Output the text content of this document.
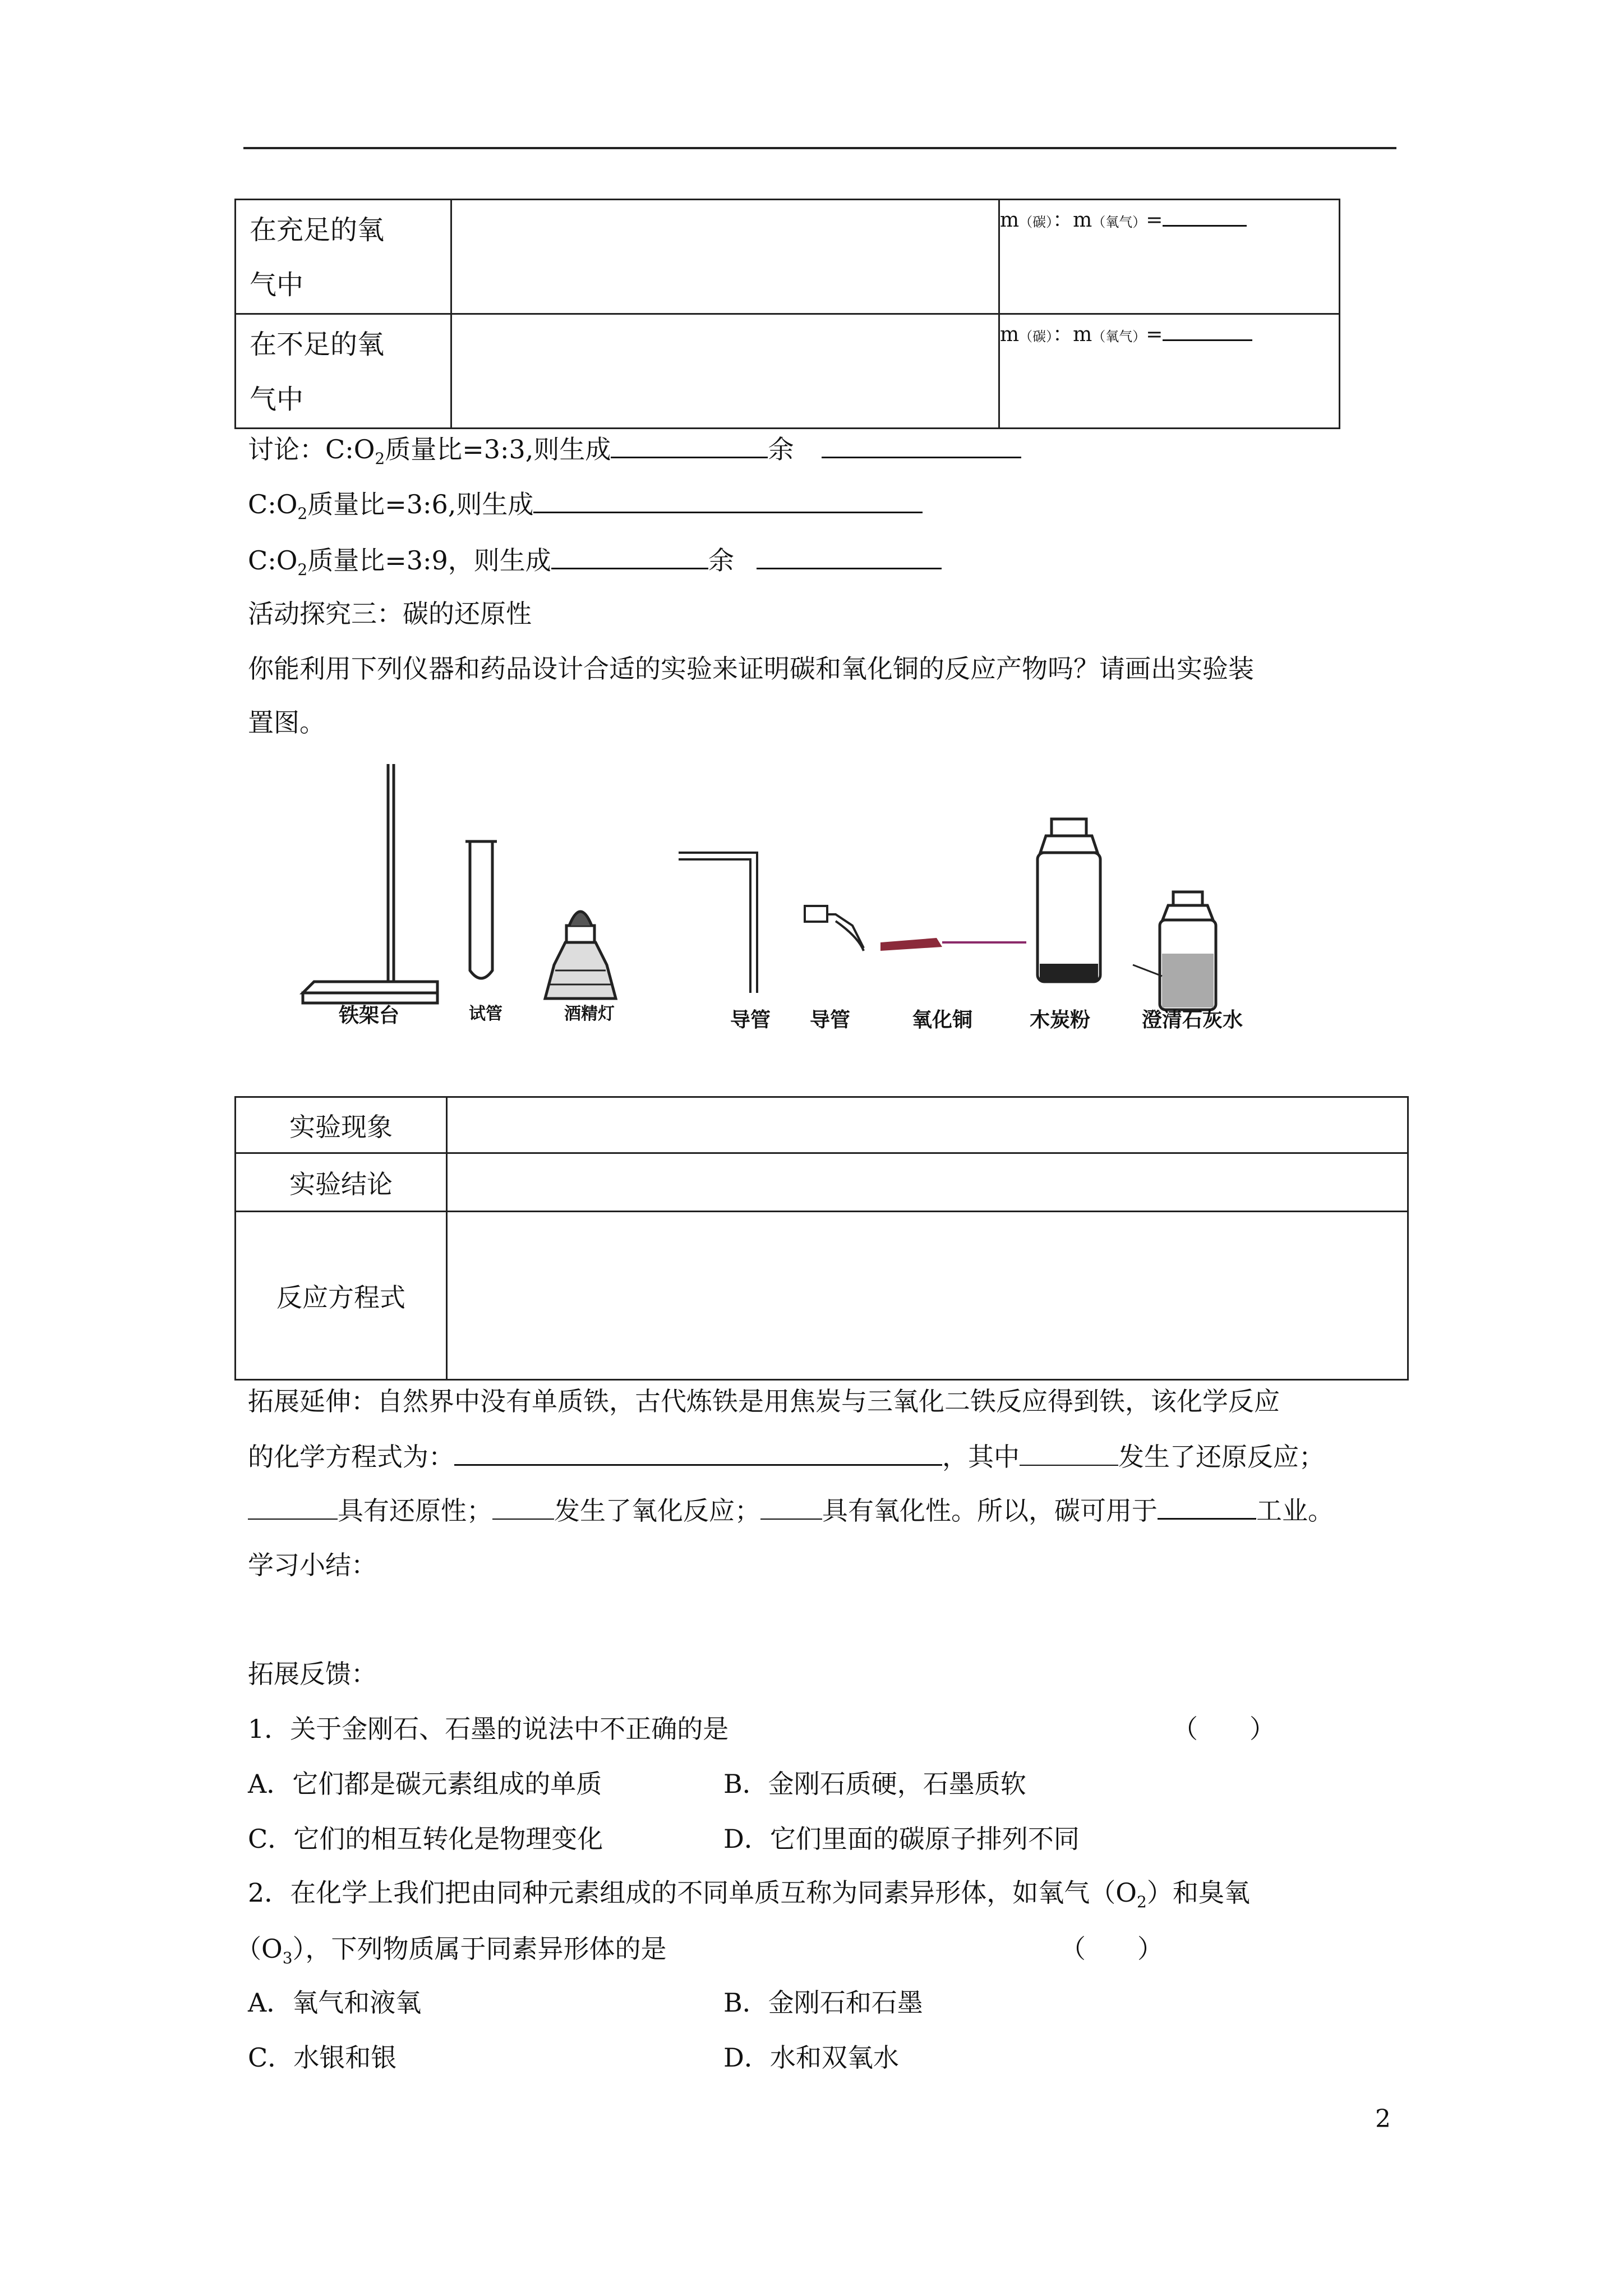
在充足的氧
气中		m（碳）：m（氧气）=

在不足的氧
气中		m（碳）：m（氧气）=
讨论：$C:O_2$质量比=3:3,则生成	余
$C:O_2$质量比=3:6,则生成
$C:O_2$质量比=3:9，则生成	余
活动探究三：碳的还原性
你能利用下列仪器和药品设计合适的实验来证明碳和氧化铜的反应产物吗？请画出实验装
置图。
铁架台	试管	酒精灯	导管 导管	氧化铜	木炭粉	澄清石灰水
实验现象	
实验结论	
反应方程式	
拓展延伸：自然界中没有单质铁，古代炼铁是用焦炭与三氧化二铁反应得到铁，该化学反应
的化学方程式为：	，其中	发生了还原反应；
具有还原性； 发生了氧化反应； 具有氧化性。所以，碳可用于	工业。
学习小结：
拓展反馈：
1．关于金刚石、石墨的说法中不正确的是	（　　）
A．它们都是碳元素组成的单质	B．金刚石质硬，石墨质软
C．它们的相互转化是物理变化	D．它们里面的碳原子排列不同
2．在化学上我们把由同种元素组成的不同单质互称为同素异形体，如氧气$(O_2)$和臭氧
$(O_3)$，下列物质属于同素异形体的是	（　　）
A．氧气和液氧	B．金刚石和石墨
C．水银和银	D．水和双氧水
2
